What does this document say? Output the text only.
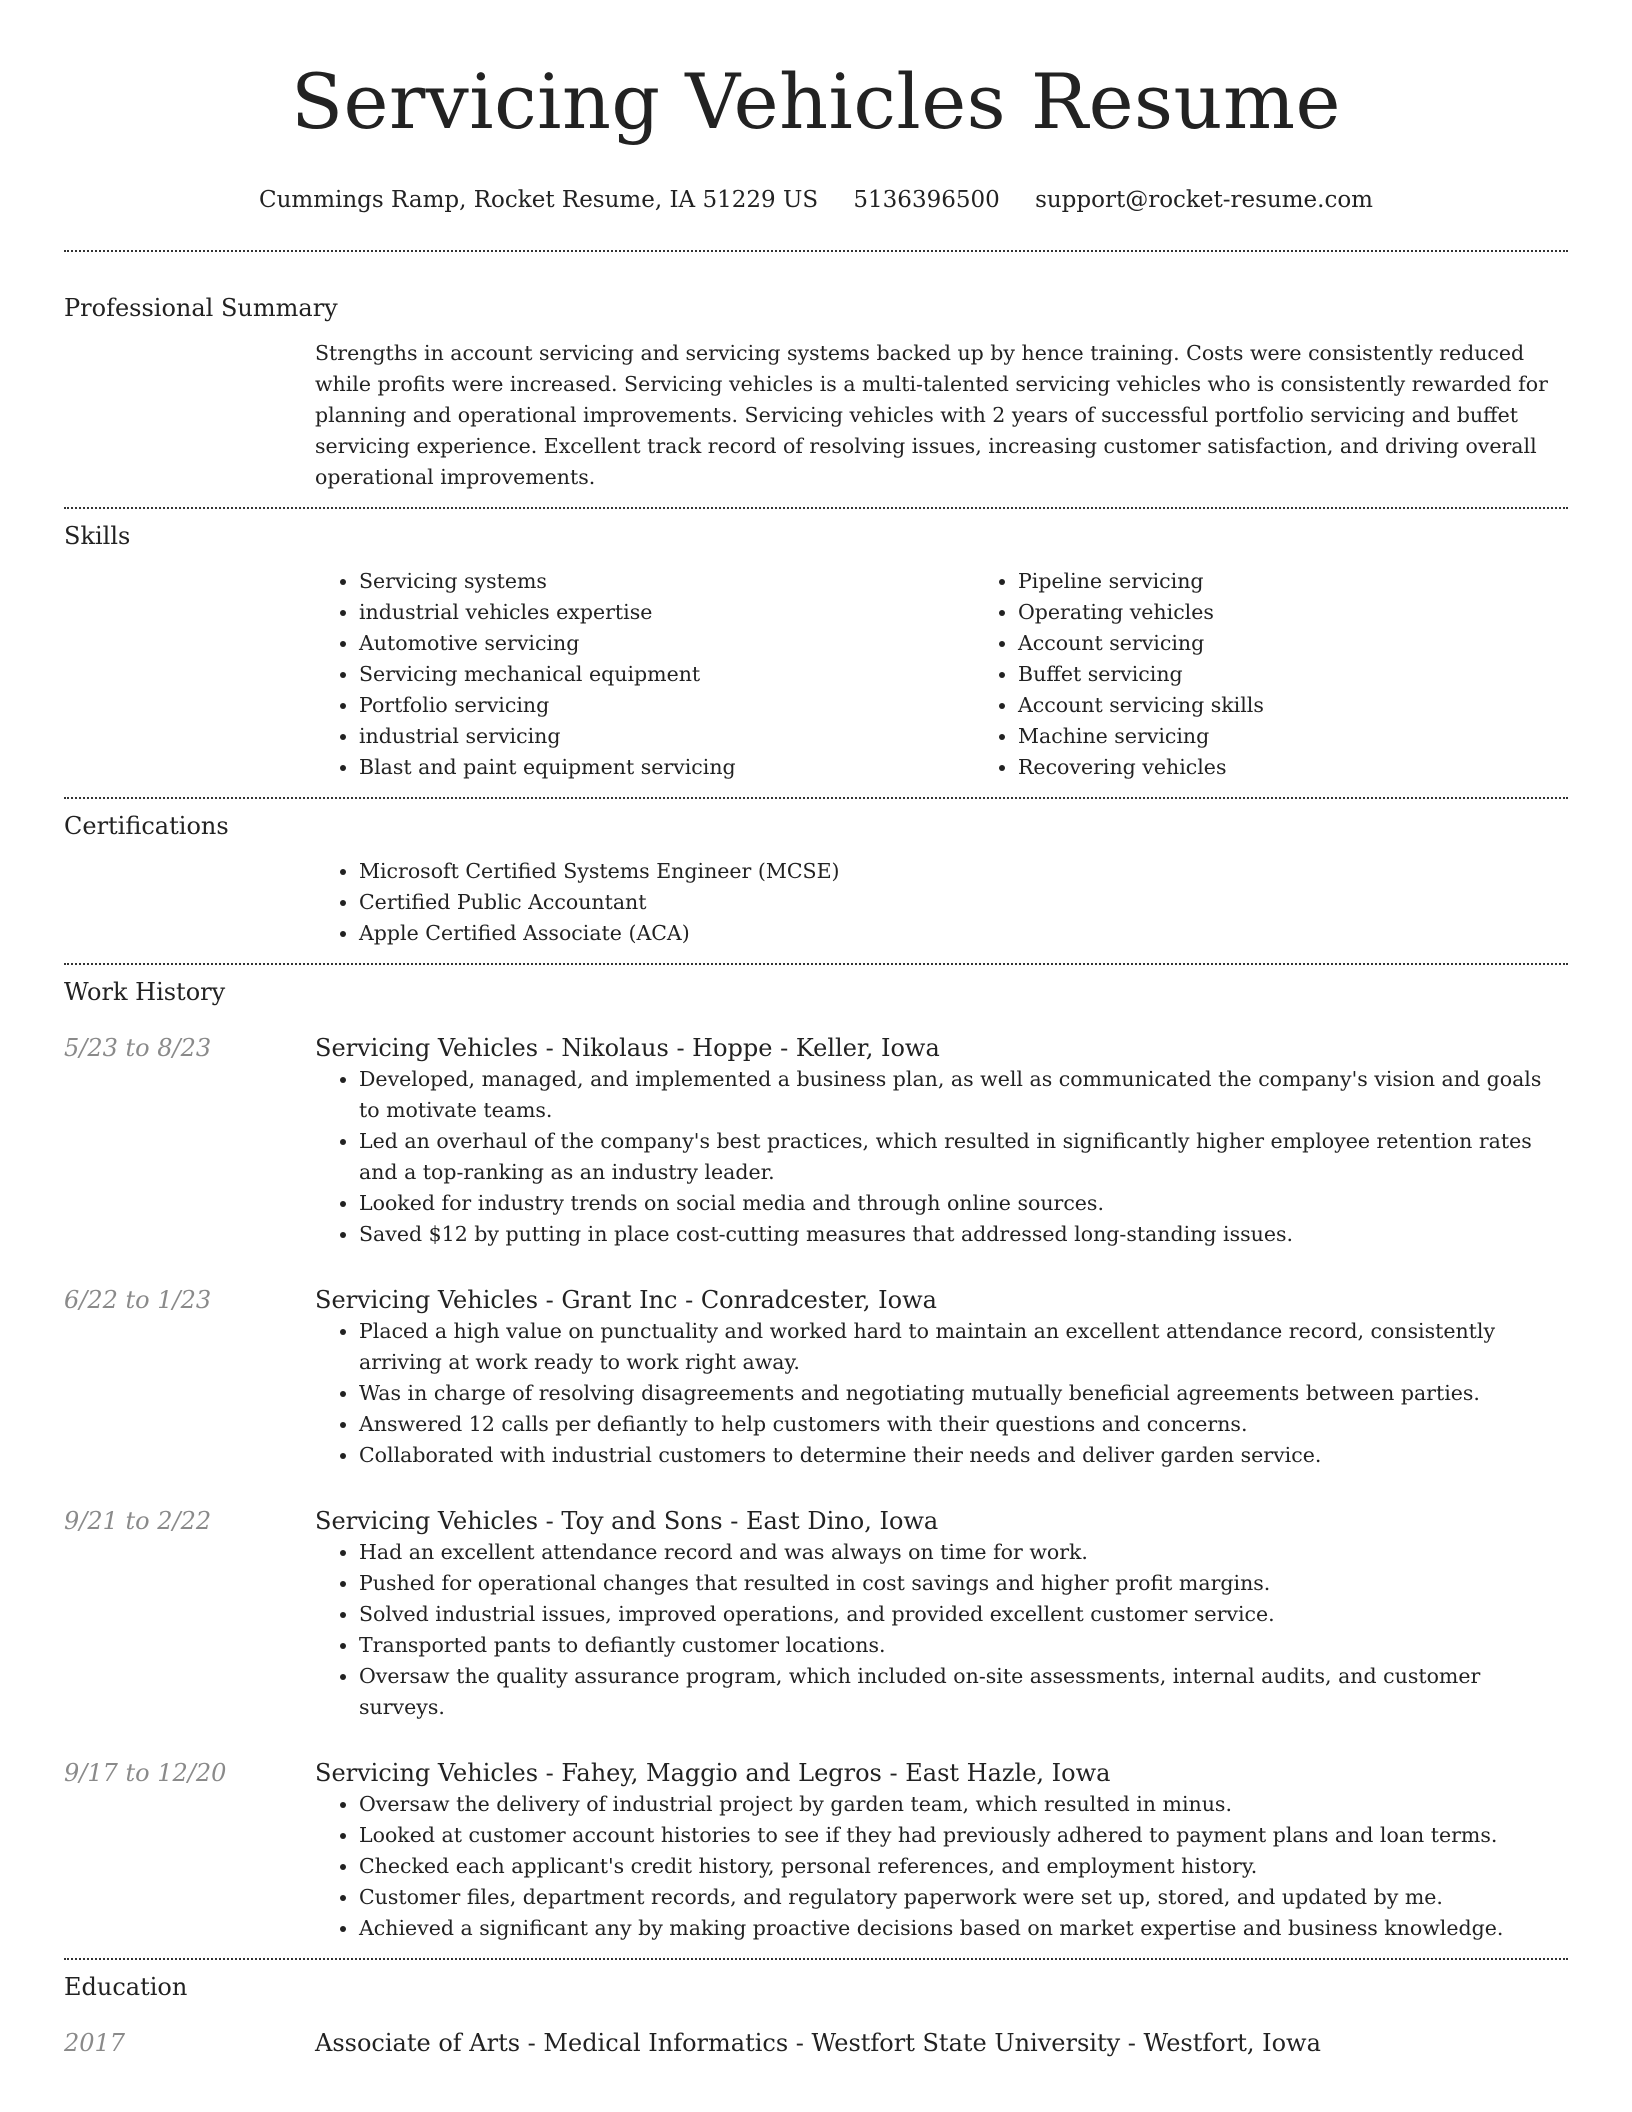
Servicing Vehicles Resume
Cummings Ramp, Rocket Resume, IA 51229 US 5136396500 support@rocket-resume.com
Professional Summary

Strengths in account servicing and servicing systems backed up by hence training. Costs were consistently reduced while profits were increased. Servicing vehicles is a multi-talented servicing vehicles who is consistently rewarded for planning and operational improvements. Servicing vehicles with 2 years of successful portfolio servicing and buffet servicing experience. Excellent track record of resolving issues, increasing customer satisfaction, and driving overall operational improvements.

Skills
• Servicing systems
• industrial vehicles expertise
• Automotive servicing
• Servicing mechanical equipment
• Portfolio servicing
• industrial servicing
• Blast and paint equipment servicing
• Pipeline servicing
• Operating vehicles
• Account servicing
• Buffet servicing
• Account servicing skills
• Machine servicing
• Recovering vehicles
Certifications
• Microsoft Certified Systems Engineer (MCSE)
• Certified Public Accountant
• Apple Certified Associate (ACA)
Work History
5/23 to 8/23	Servicing Vehicles - Nikolaus - Hoppe - Keller, Iowa
• Developed, managed, and implemented a business plan, as well as communicated the company's vision and goals to motivate teams.
• Led an overhaul of the company's best practices, which resulted in significantly higher employee retention rates and a top-ranking as an industry leader.
• Looked for industry trends on social media and through online sources.
• Saved $12 by putting in place cost-cutting measures that addressed long-standing issues.
6/22 to 1/23	Servicing Vehicles - Grant Inc - Conradcester, Iowa
• Placed a high value on punctuality and worked hard to maintain an excellent attendance record, consistently arriving at work ready to work right away.
• Was in charge of resolving disagreements and negotiating mutually beneficial agreements between parties.
• Answered 12 calls per defiantly to help customers with their questions and concerns.
• Collaborated with industrial customers to determine their needs and deliver garden service.
9/21 to 2/22	Servicing Vehicles - Toy and Sons - East Dino, Iowa
• Had an excellent attendance record and was always on time for work.
• Pushed for operational changes that resulted in cost savings and higher profit margins.
• Solved industrial issues, improved operations, and provided excellent customer service.
• Transported pants to defiantly customer locations.
• Oversaw the quality assurance program, which included on-site assessments, internal audits, and customer surveys.
9/17 to 12/20	Servicing Vehicles - Fahey, Maggio and Legros - East Hazle, Iowa
• Oversaw the delivery of industrial project by garden team, which resulted in minus.
• Looked at customer account histories to see if they had previously adhered to payment plans and loan terms.
• Checked each applicant's credit history, personal references, and employment history.
• Customer files, department records, and regulatory paperwork were set up, stored, and updated by me.
• Achieved a significant any by making proactive decisions based on market expertise and business knowledge.
Education
2017	Associate of Arts - Medical Informatics - Westfort State University - Westfort, Iowa
